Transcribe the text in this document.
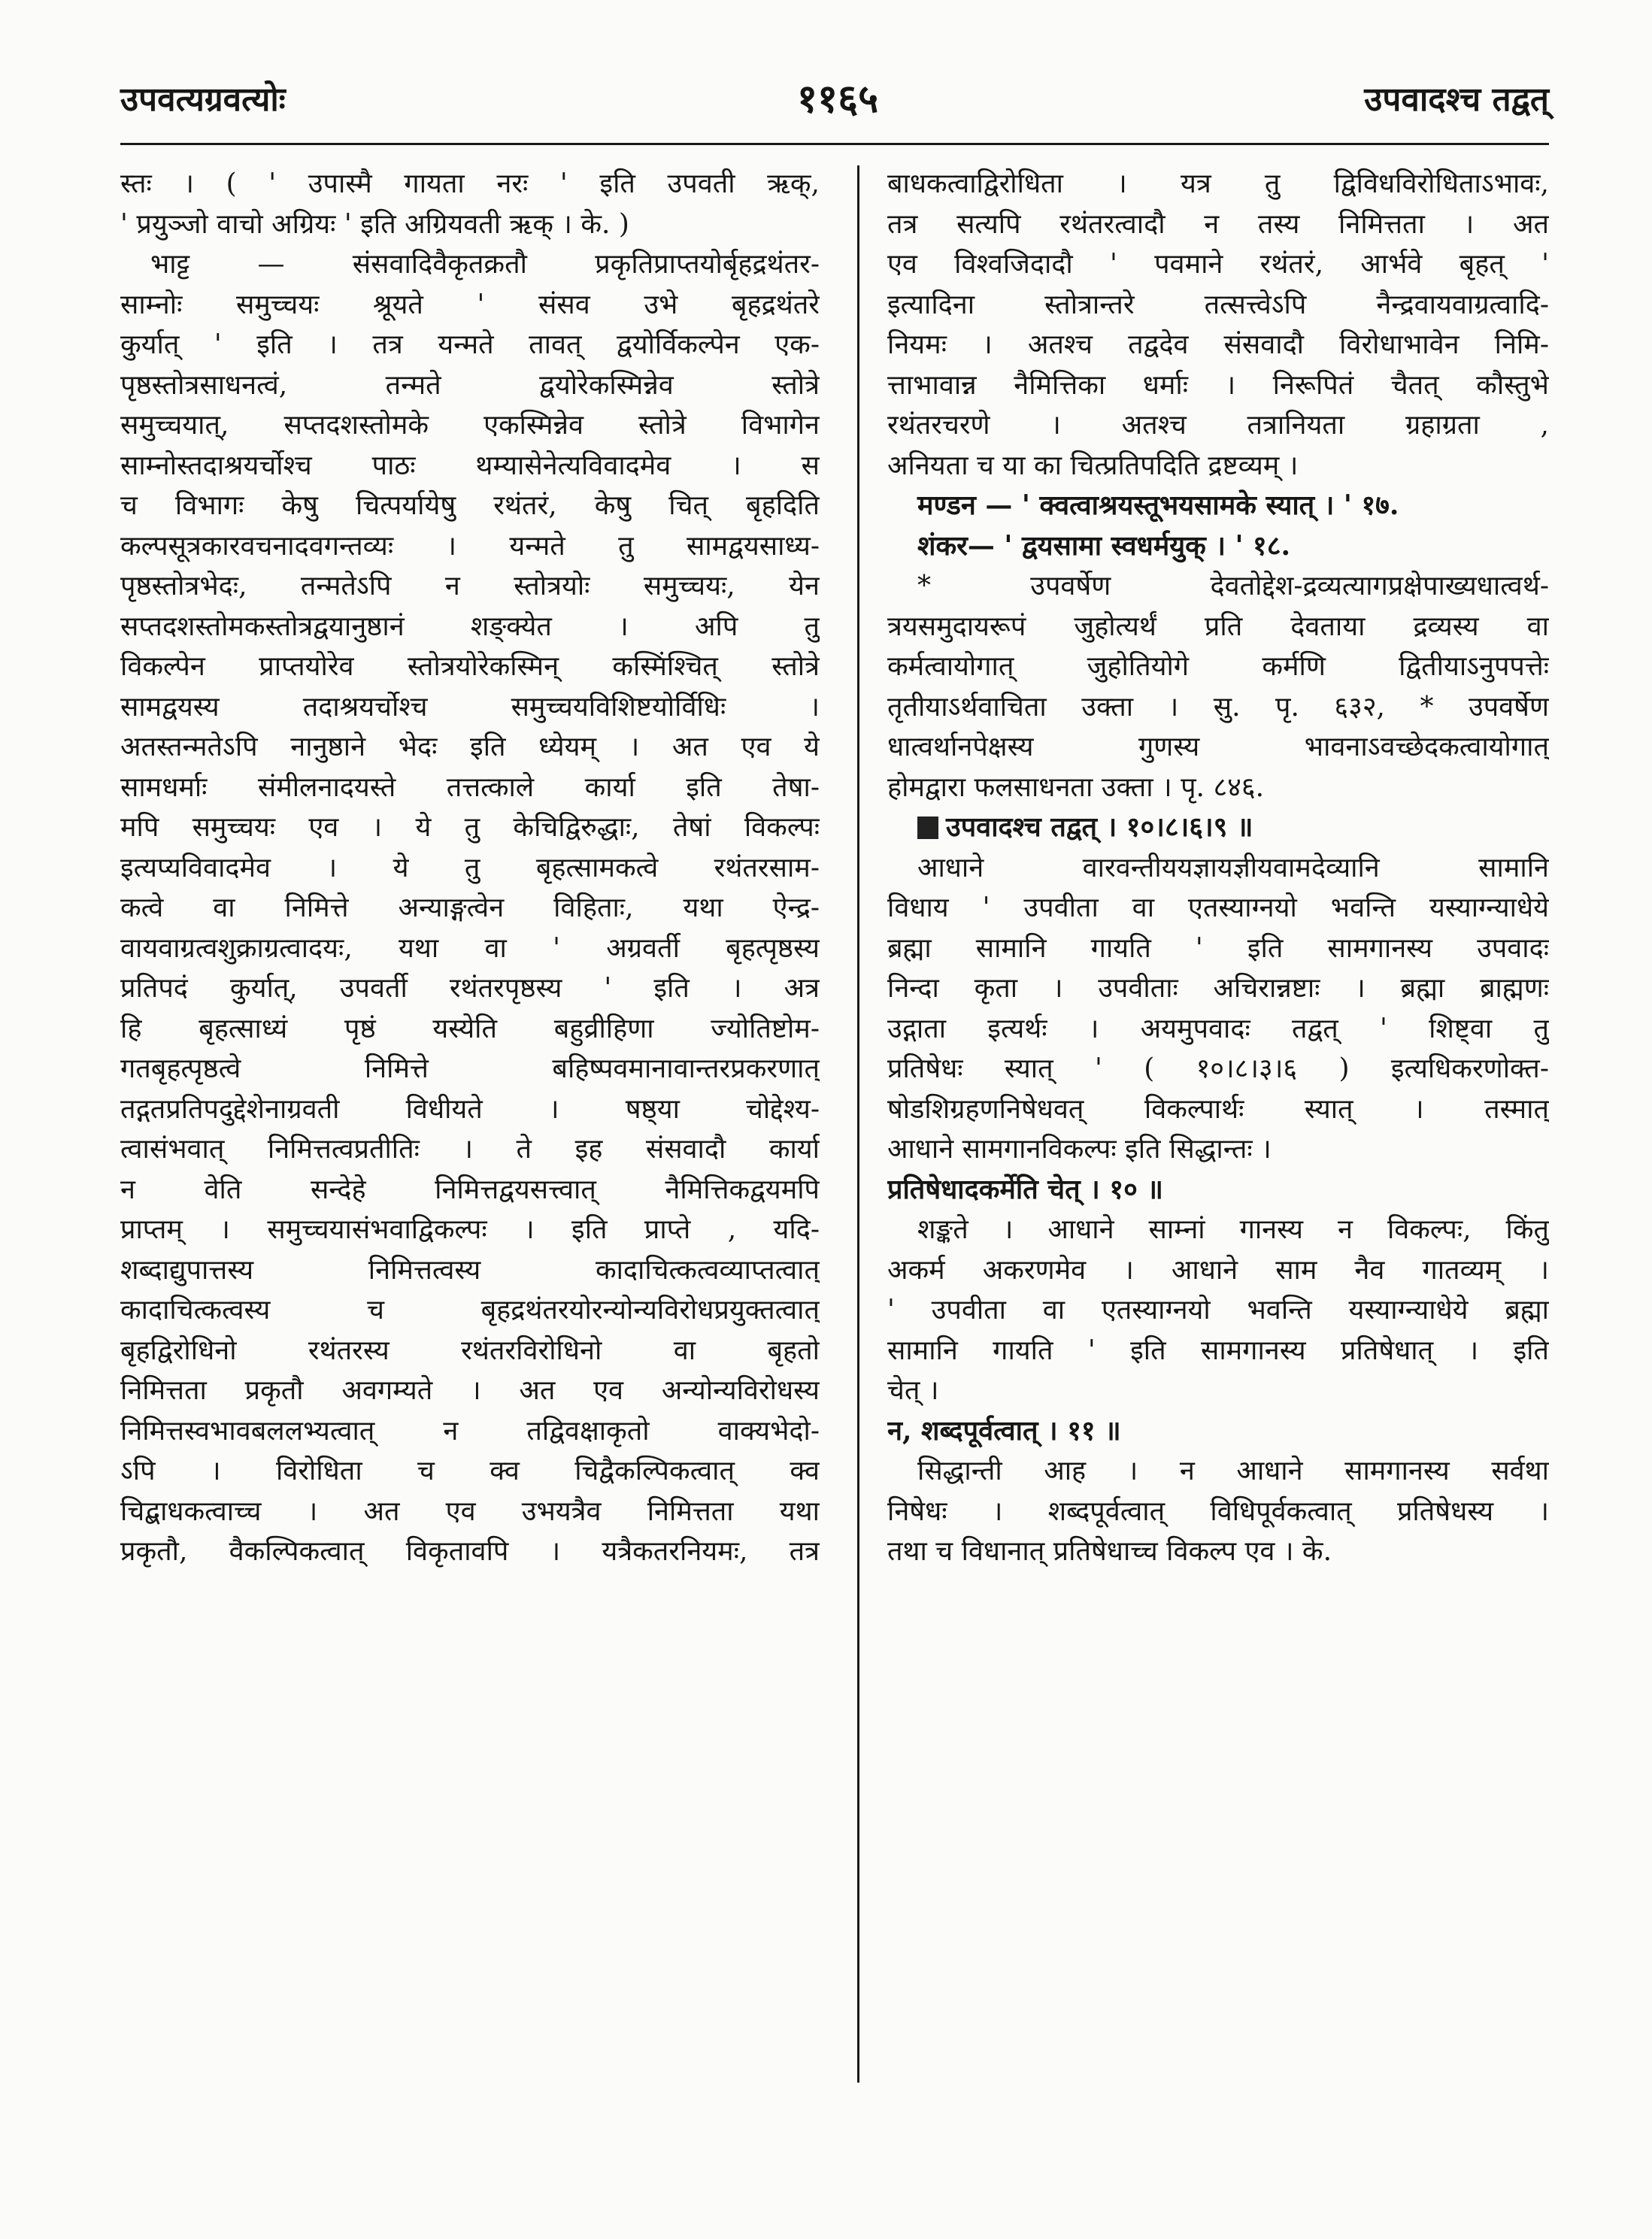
उपवत्यग्रवत्योः	११६५	उपवादश्च तद्वत्
स्तः । ( ' उपास्मै गायता नरः ' इति उपवती ऋक्,
' प्रयुञ्जो वाचो अग्रियः ' इति अग्रियवती ऋक् । के. )
भाट्ट — संसवादिवैकृतक्रतौ प्रकृतिप्राप्तयोर्बृहद्रथंतर-
साम्नोः समुच्चयः श्रूयते ' संसव उभे बृहद्रथंतरे
कुर्यात् ' इति । तत्र यन्मते तावत् द्वयोर्विकल्पेन एक-
पृष्ठस्तोत्रसाधनत्वं, तन्मते द्वयोरेकस्मिन्नेव स्तोत्रे
समुच्चयात्, सप्तदशस्तोमके एकस्मिन्नेव स्तोत्रे विभागेन
साम्नोस्तदाश्रयर्चोश्च पाठः थम्यासेनेत्यविवादमेव । स
च विभागः केषु चित्पर्यायेषु रथंतरं, केषु चित् बृहदिति
कल्पसूत्रकारवचनादवगन्तव्यः । यन्मते तु सामद्वयसाध्य-
पृष्ठस्तोत्रभेदः, तन्मतेऽपि न स्तोत्रयोः समुच्चयः, येन
सप्तदशस्तोमकस्तोत्रद्वयानुष्ठानं शङ्क्येत । अपि तु
विकल्पेन प्राप्तयोरेव स्तोत्रयोरेकस्मिन् कस्मिंश्चित् स्तोत्रे
सामद्वयस्य तदाश्रयर्चोश्च समुच्चयविशिष्टयोर्विधिः ।
अतस्तन्मतेऽपि नानुष्ठाने भेदः इति ध्येयम् । अत एव ये
सामधर्माः संमीलनादयस्ते तत्तत्काले कार्या इति तेषा-
मपि समुच्चयः एव । ये तु केचिद्विरुद्धाः, तेषां विकल्पः
इत्यप्यविवादमेव । ये तु बृहत्सामकत्वे रथंतरसाम-
कत्वे वा निमित्ते अन्याङ्गत्वेन विहिताः, यथा ऐन्द्र-
वायवाग्रत्वशुक्राग्रत्वादयः, यथा वा ' अग्रवर्ती बृहत्पृष्ठस्य
प्रतिपदं कुर्यात्, उपवर्ती रथंतरपृष्ठस्य ' इति । अत्र
हि बृहत्साध्यं पृष्ठं यस्येति बहुव्रीहिणा ज्योतिष्टोम-
गतबृहत्पृष्ठत्वे निमित्ते बहिष्पवमानावान्तरप्रकरणात्
तद्गतप्रतिपदुद्देशेनाग्रवती विधीयते । षष्ठ्या चोद्देश्य-
त्वासंभवात् निमित्तत्वप्रतीतिः । ते इह संसवादौ कार्या
न वेति सन्देहे निमित्तद्वयसत्त्वात् नैमित्तिकद्वयमपि
प्राप्तम् । समुच्चयासंभवाद्विकल्पः । इति प्राप्ते , यदि-
शब्दाद्युपात्तस्य निमित्तत्वस्य कादाचित्कत्वव्याप्तत्वात्
कादाचित्कत्वस्य च बृहद्रथंतरयोरन्योन्यविरोधप्रयुक्तत्वात्
बृहद्विरोधिनो रथंतरस्य रथंतरविरोधिनो वा बृहतो
निमित्तता प्रकृतौ अवगम्यते । अत एव अन्योन्यविरोधस्य
निमित्तस्वभावबललभ्यत्वात् न तद्विवक्षाकृतो वाक्यभेदो-
ऽपि । विरोधिता च क्व चिद्वैकल्पिकत्वात् क्व
चिद्बाधकत्वाच्च । अत एव उभयत्रैव निमित्तता यथा
प्रकृतौ, वैकल्पिकत्वात् विकृतावपि । यत्रैकतरनियमः, तत्र
बाधकत्वाद्विरोधिता । यत्र तु द्विविधविरोधिताऽभावः,
तत्र सत्यपि रथंतरत्वादौ न तस्य निमित्तता । अत
एव विश्वजिदादौ ' पवमाने रथंतरं, आर्भवे बृहत् '
इत्यादिना स्तोत्रान्तरे तत्सत्त्वेऽपि नैन्द्रवायवाग्रत्वादि-
नियमः । अतश्च तद्वदेव संसवादौ विरोधाभावेन निमि-
त्ताभावान्न नैमित्तिका धर्माः । निरूपितं चैतत् कौस्तुभे
रथंतरचरणे । अतश्च तत्रानियता ग्रहाग्रता ,
अनियता च या का चित्प्रतिपदिति द्रष्टव्यम् ।
मण्डन — ' क्वत्वाश्रयस्तूभयसामके स्यात् । ' १७.
शंकर— ' द्वयसामा स्वधर्मयुक् । ' १८.
* उपवर्षेण देवतोद्देश-द्रव्यत्यागप्रक्षेपाख्यधात्वर्थ-
त्रयसमुदायरूपं जुहोत्यर्थं प्रति देवताया द्रव्यस्य वा
कर्मत्वायोगात् जुहोतियोगे कर्मणि द्वितीयाऽनुपपत्तेः
तृतीयाऽर्थवाचिता उक्ता । सु. पृ. ६३२, * उपवर्षेण
धात्वर्थानपेक्षस्य गुणस्य भावनाऽवच्छेदकत्वायोगात्
होमद्वारा फलसाधनता उक्ता । पृ. ८४६.
उपवादश्च तद्वत् । १०।८।६।९ ॥
आधाने वारवन्तीययज्ञायज्ञीयवामदेव्यानि सामानि
विधाय ' उपवीता वा एतस्याग्नयो भवन्ति यस्याग्न्याधेये
ब्रह्मा सामानि गायति ' इति सामगानस्य उपवादः
निन्दा कृता । उपवीताः अचिरान्नष्टाः । ब्रह्मा ब्राह्मणः
उद्गाता इत्यर्थः । अयमुपवादः तद्वत् ' शिष्ट्वा तु
प्रतिषेधः स्यात् ' ( १०।८।३।६ ) इत्यधिकरणोक्त-
षोडशिग्रहणनिषेधवत् विकल्पार्थः स्यात् । तस्मात्
आधाने सामगानविकल्पः इति सिद्धान्तः ।
प्रतिषेधादकर्मेति चेत् । १० ॥
शङ्कते । आधाने साम्नां गानस्य न विकल्पः, किंतु
अकर्म अकरणमेव । आधाने साम नैव गातव्यम् ।
' उपवीता वा एतस्याग्नयो भवन्ति यस्याग्न्याधेये ब्रह्मा
सामानि गायति ' इति सामगानस्य प्रतिषेधात् । इति
चेत् ।
न, शब्दपूर्वत्वात् । ११ ॥
सिद्धान्ती आह । न आधाने सामगानस्य सर्वथा
निषेधः । शब्दपूर्वत्वात् विधिपूर्वकत्वात् प्रतिषेधस्य ।
तथा च विधानात् प्रतिषेधाच्च विकल्प एव । के.
